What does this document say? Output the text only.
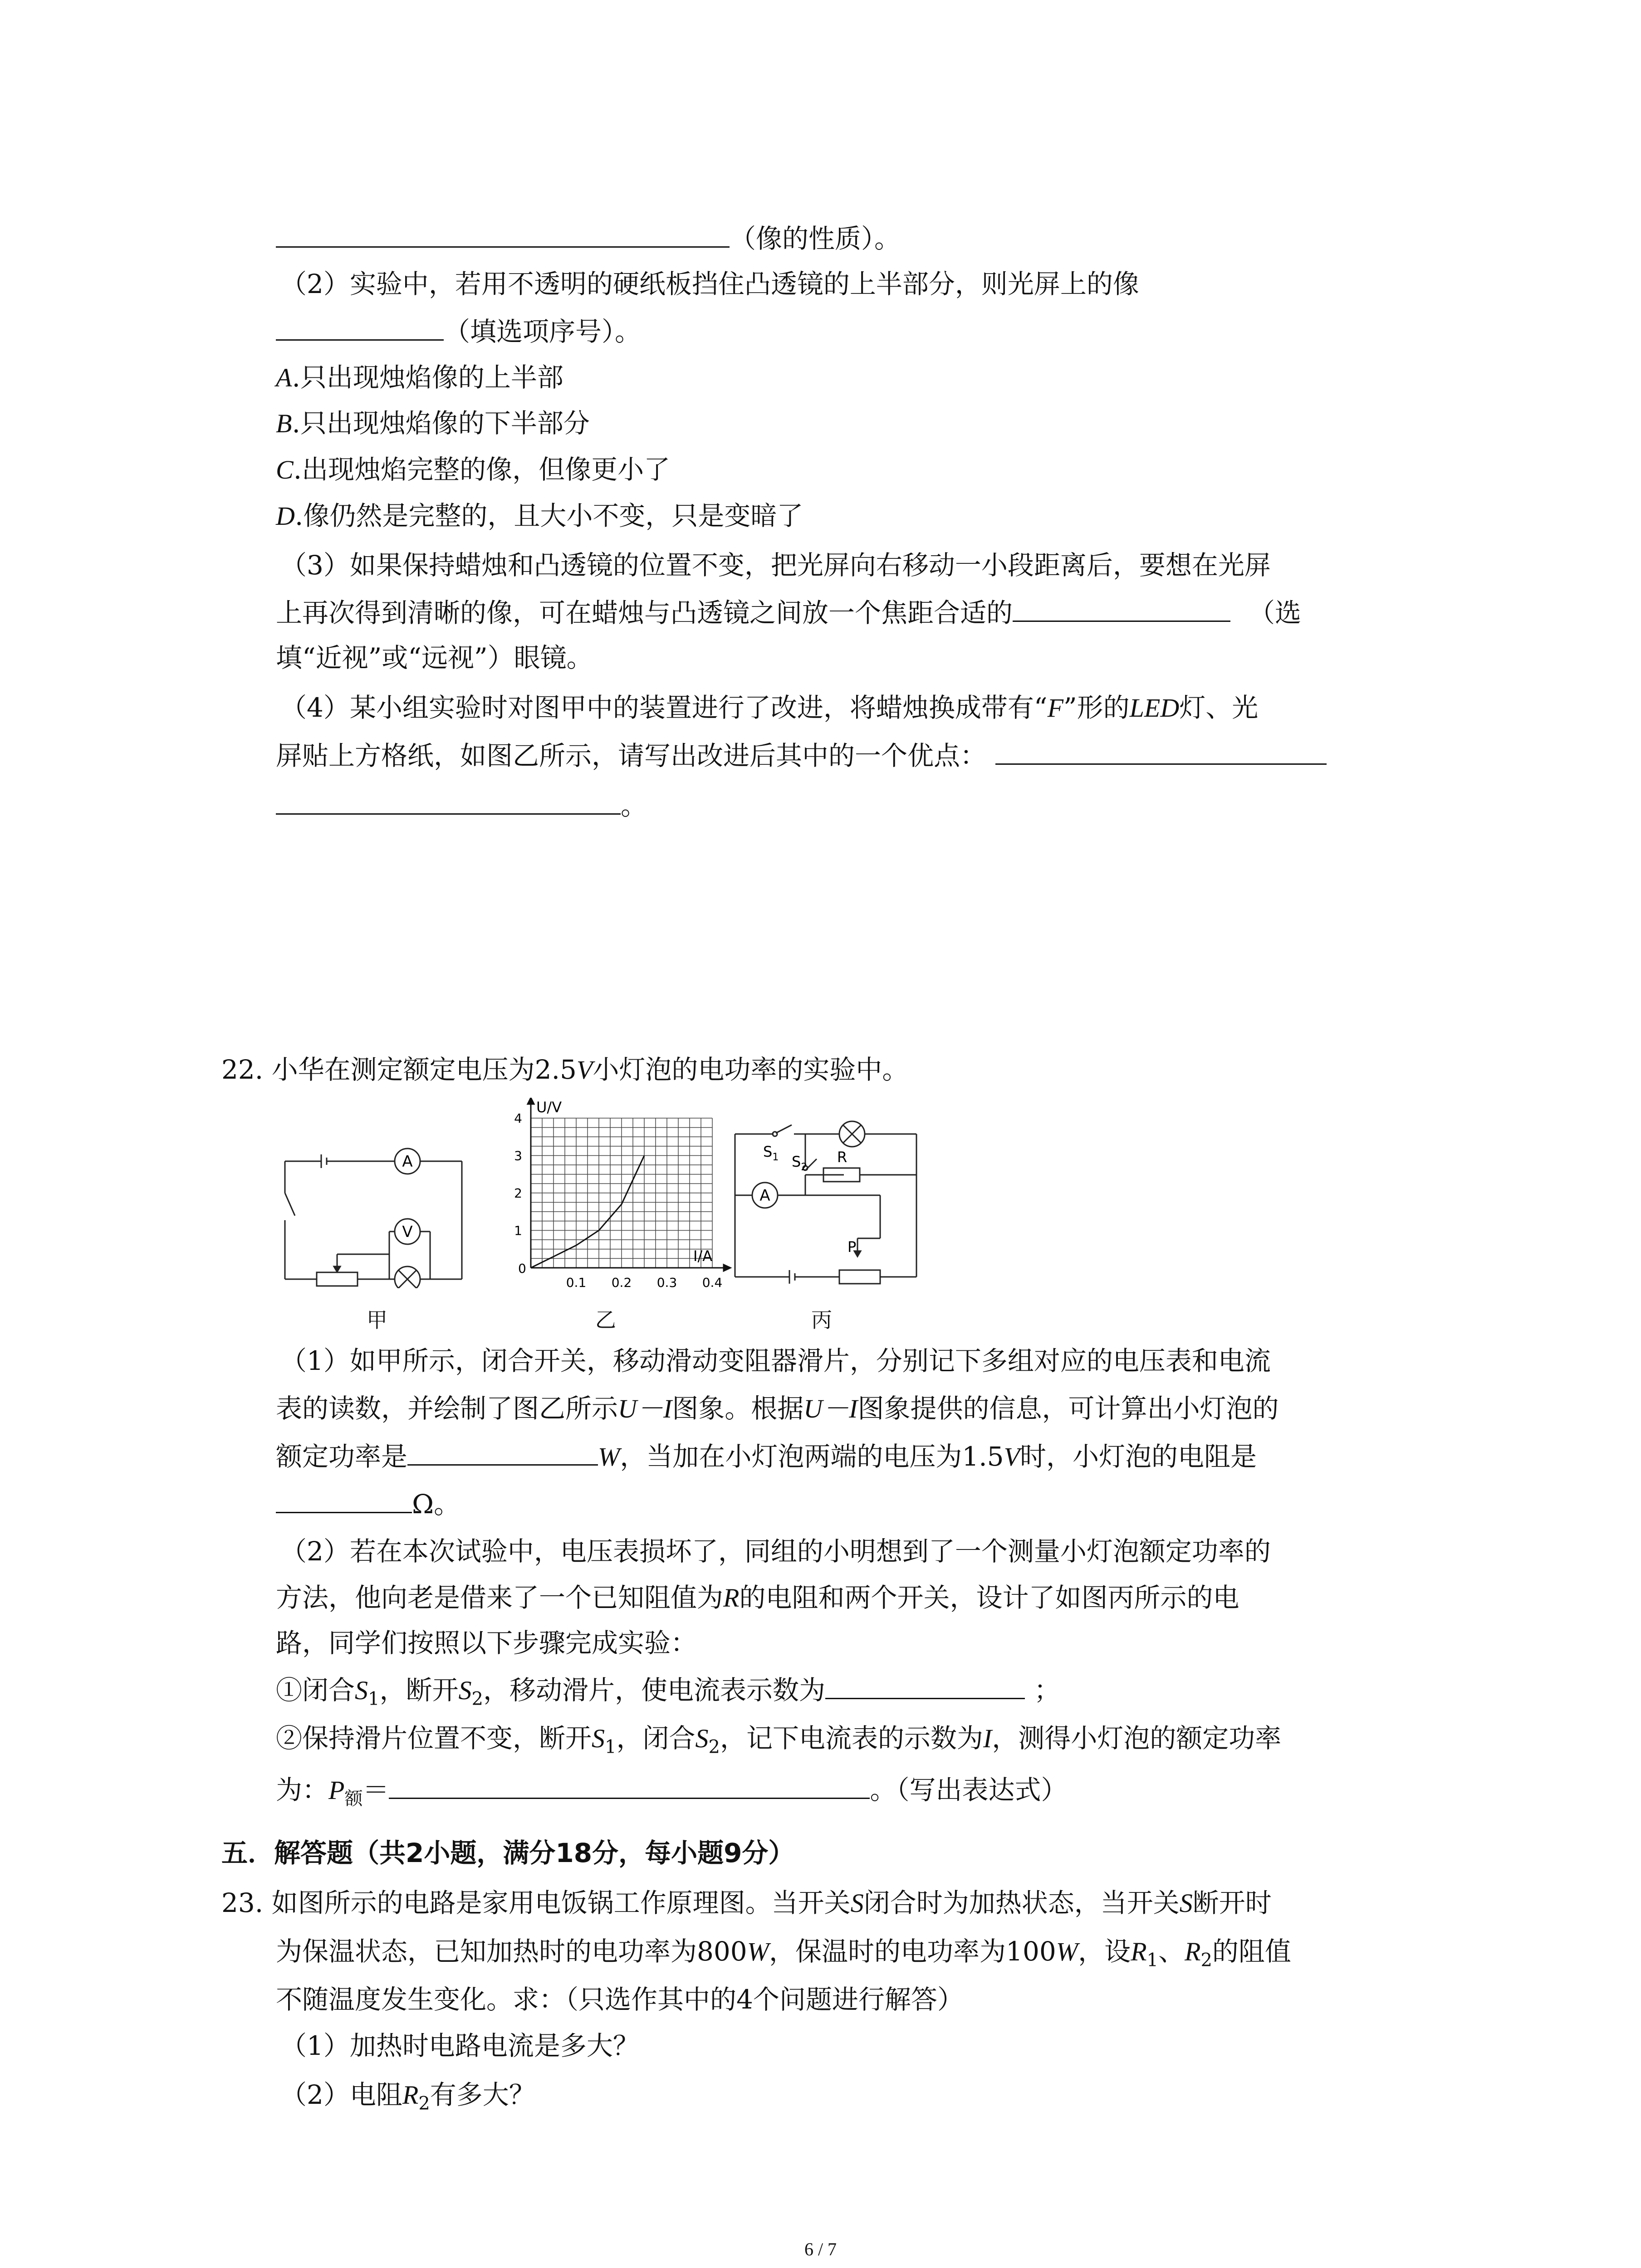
（像的性质）。
（2）实验中，若用不透明的硬纸板挡住凸透镜的上半部分，则光屏上的像
（填选项序号）。
A.只出现烛焰像的上半部
B.只出现烛焰像的下半部分
C.出现烛焰完整的像，但像更小了
D.像仍然是完整的，且大小不变，只是变暗了
（3）如果保持蜡烛和凸透镜的位置不变，把光屏向右移动一小段距离后，要想在光屏
上再次得到清晰的像，可在蜡烛与凸透镜之间放一个焦距合适的	（选
填“近视”或“远视”）眼镜。
（4）某小组实验时对图甲中的装置进行了改进，将蜡烛换成带有“F”形的LED灯、光
屏贴上方格纸，如图乙所示，请写出改进后其中的一个优点：
。
22. 小华在测定额定电压为2.5V小灯泡的电功率的实验中。
A
V
甲
U/V
I/A
0
0.1 0.2 0.3 0.4
1
2
3
4
乙
A
R
P
$S_1$ $S_2$
丙
（1）如甲所示，闭合开关，移动滑动变阻器滑片，分别记下多组对应的电压表和电流
表的读数，并绘制了图乙所示U－I图象。根据U－I图象提供的信息，可计算出小灯泡的
额定功率是	W，当加在小灯泡两端的电压为1.5V时，小灯泡的电阻是
Ω。
（2）若在本次试验中，电压表损坏了，同组的小明想到了一个测量小灯泡额定功率的
方法，他向老是借来了一个已知阻值为R的电阻和两个开关，设计了如图丙所示的电
路，同学们按照以下步骤完成实验：
①闭合$S_1$，断开$S_2$，移动滑片，使电流表示数为	；
②保持滑片位置不变，断开$S_1$，闭合$S_2$，记下电流表的示数为I，测得小灯泡的额定功率
为：$P_额=$	。（写出表达式）
五．解答题（共2小题，满分18分，每小题9分）
23. 如图所示的电路是家用电饭锅工作原理图。当开关S闭合时为加热状态，当开关S断开时
为保温状态，已知加热时的电功率为800W，保温时的电功率为100W，设$R_1$、$R_2$的阻值
不随温度发生变化。求：（只选作其中的4个问题进行解答）
（1）加热时电路电流是多大？
（2）电阻$R_2$有多大？
6 / 7
